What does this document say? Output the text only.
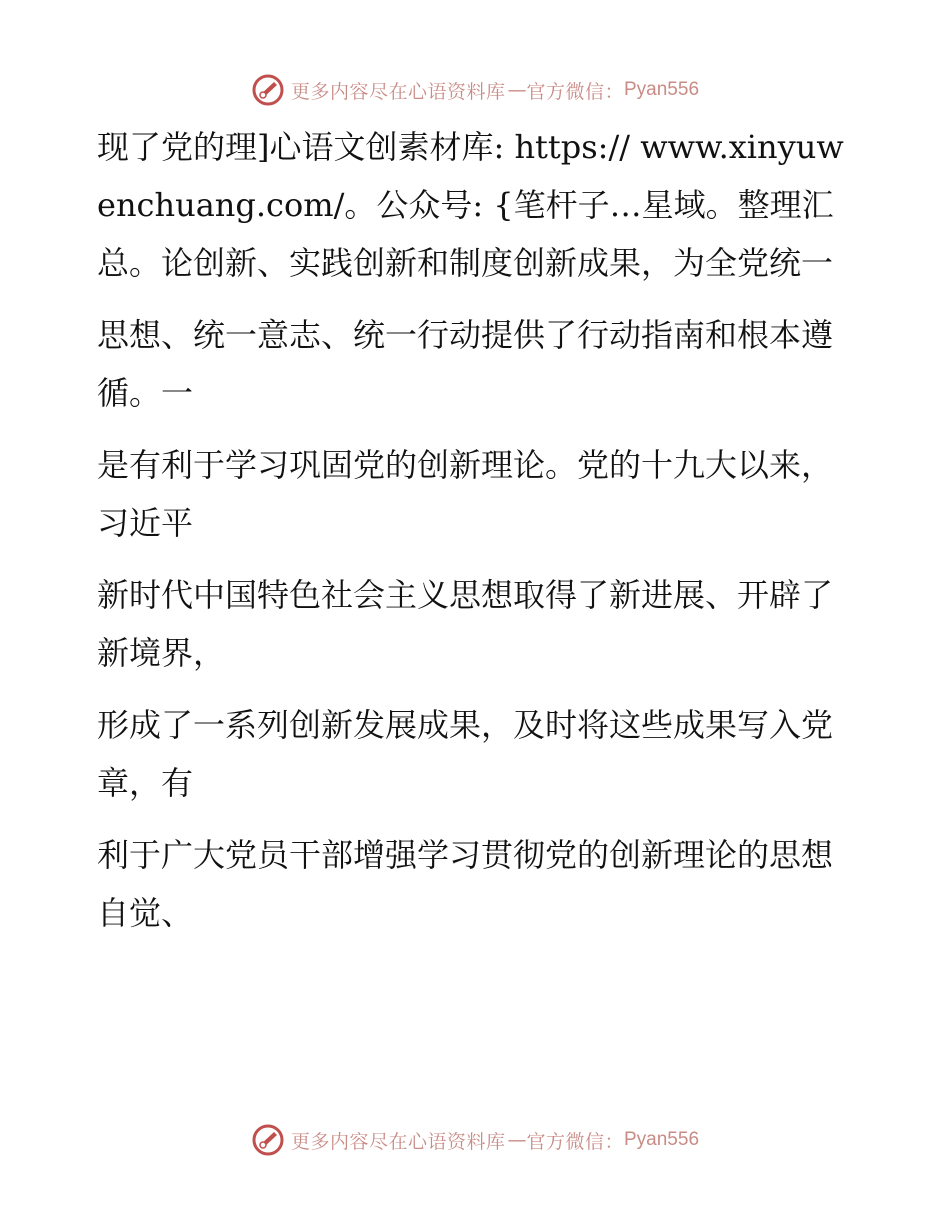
更多内容尽在心语资料库 — 官方微信： Pyan556

现了党的理]心语文创素材库: https:// www.xinyuwenchuang.com/。公众号: {笔杆子…星域。整理汇总。论创新、实践创新和制度创新成果，为全党统一

思想、统一意志、统一行动提供了行动指南和根本遵循。一

是有利于学习巩固党的创新理论。党的十九大以来，习近平

新时代中国特色社会主义思想取得了新进展、开辟了新境界，

形成了一系列创新发展成果，及时将这些成果写入党章，有

利于广大党员干部增强学习贯彻党的创新理论的思想自觉、

更多内容尽在心语资料库 — 官方微信： Pyan556
